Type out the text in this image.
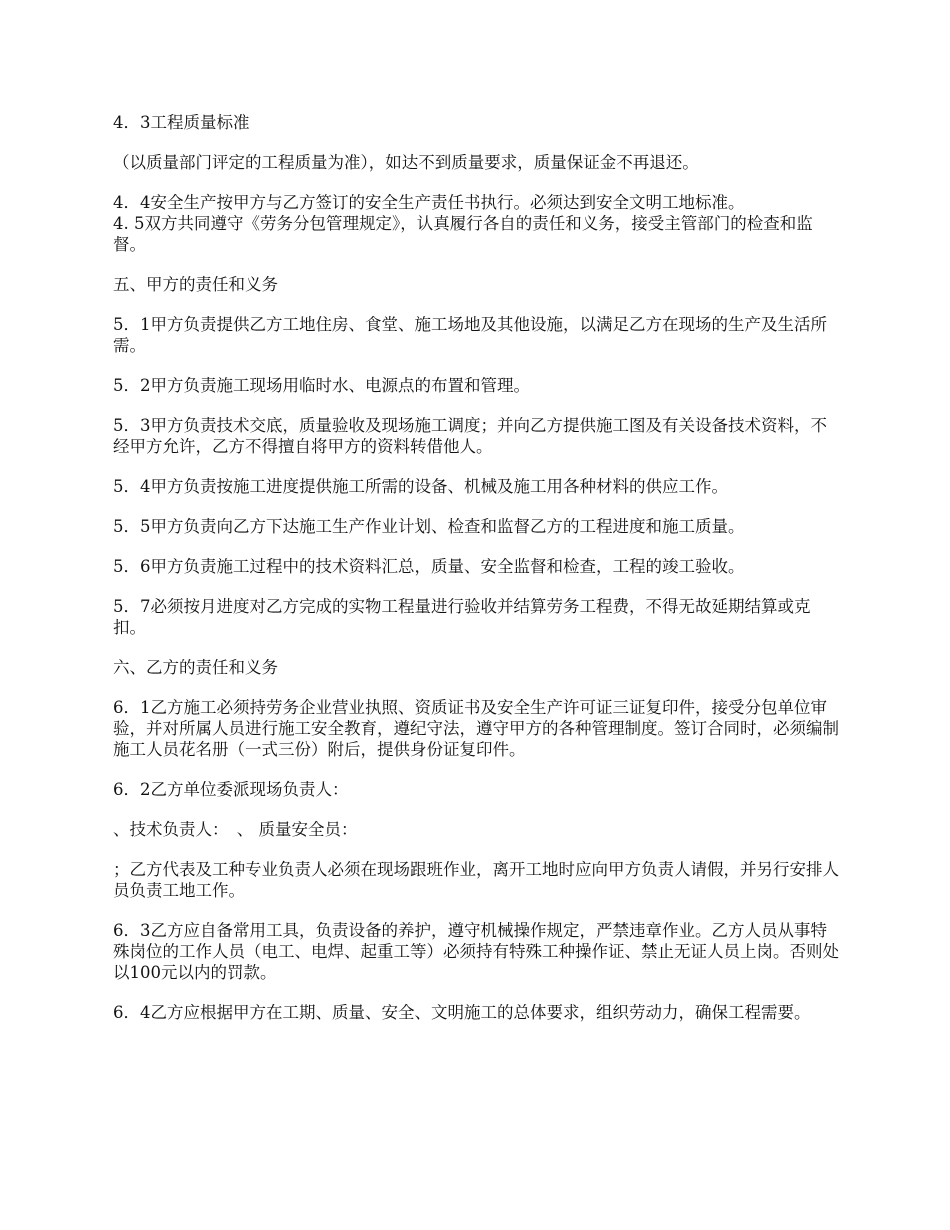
4．3工程质量标准

（以质量部门评定的工程质量为准），如达不到质量要求，质量保证金不再退还。

4．4安全生产按甲方与乙方签订的安全生产责任书执行。必须达到安全文明工地标准。

4. 5双方共同遵守《劳务分包管理规定》，认真履行各自的责任和义务，接受主管部门的检查和监督。

五、甲方的责任和义务

5．1甲方负责提供乙方工地住房、食堂、施工场地及其他设施，以满足乙方在现场的生产及生活所需。

5．2甲方负责施工现场用临时水、电源点的布置和管理。

5．3甲方负责技术交底，质量验收及现场施工调度；并向乙方提供施工图及有关设备技术资料，不经甲方允许，乙方不得擅自将甲方的资料转借他人。

5．4甲方负责按施工进度提供施工所需的设备、机械及施工用各种材料的供应工作。

5．5甲方负责向乙方下达施工生产作业计划、检查和监督乙方的工程进度和施工质量。

5．6甲方负责施工过程中的技术资料汇总，质量、安全监督和检查，工程的竣工验收。

5．7必须按月进度对乙方完成的实物工程量进行验收并结算劳务工程费，不得无故延期结算或克扣。

六、乙方的责任和义务

6．1乙方施工必须持劳务企业营业执照、资质证书及安全生产许可证三证复印件，接受分包单位审验，并对所属人员进行施工安全教育，遵纪守法，遵守甲方的各种管理制度。签订合同时，必须编制施工人员花名册（一式三份）附后，提供身份证复印件。

6．2乙方单位委派现场负责人：

、技术负责人：　、 质量安全员：

；乙方代表及工种专业负责人必须在现场跟班作业，离开工地时应向甲方负责人请假，并另行安排人员负责工地工作。

6．3乙方应自备常用工具，负责设备的养护，遵守机械操作规定，严禁违章作业。乙方人员从事特殊岗位的工作人员（电工、电焊、起重工等）必须持有特殊工种操作证、禁止无证人员上岗。否则处以100元以内的罚款。

6．4乙方应根据甲方在工期、质量、安全、文明施工的总体要求，组织劳动力，确保工程需要。
